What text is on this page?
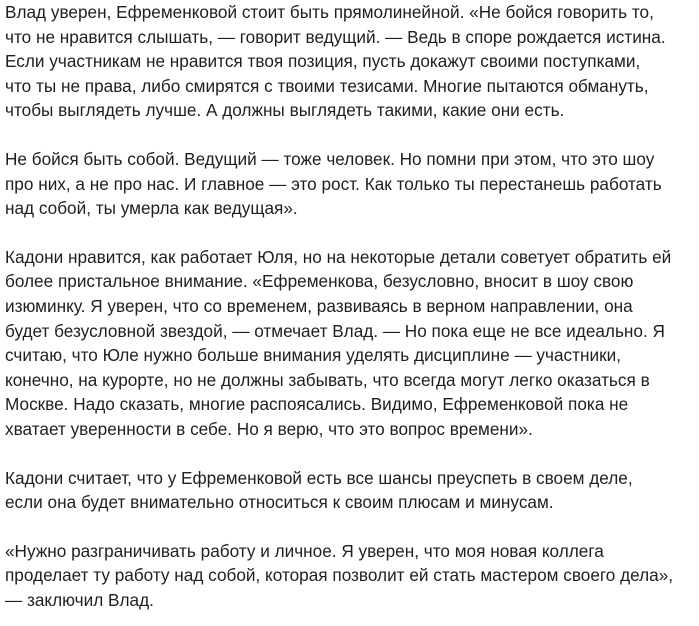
Влад уверен, Ефременковой стоит быть прямолинейной. «Не бойся говорить то,
что не нравится слышать, — говорит ведущий. — Ведь в споре рождается истина.
Если участникам не нравится твоя позиция, пусть докажут своими поступками,
что ты не права, либо смирятся с твоими тезисами. Многие пытаются обмануть,
чтобы выглядеть лучше. А должны выглядеть такими, какие они есть.

Не бойся быть собой. Ведущий — тоже человек. Но помни при этом, что это шоу
про них, а не про нас. И главное — это рост. Как только ты перестанешь работать
над собой, ты умерла как ведущая».

Кадони нравится, как работает Юля, но на некоторые детали советует обратить ей
более пристальное внимание. «Ефременкова, безусловно, вносит в шоу свою
изюминку. Я уверен, что со временем, развиваясь в верном направлении, она
будет безусловной звездой, — отмечает Влад. — Но пока еще не все идеально. Я
считаю, что Юле нужно больше внимания уделять дисциплине — участники,
конечно, на курорте, но не должны забывать, что всегда могут легко оказаться в
Москве. Надо сказать, многие распоясались. Видимо, Ефременковой пока не
хватает уверенности в себе. Но я верю, что это вопрос времени».

Кадони считает, что у Ефременковой есть все шансы преуспеть в своем деле,
если она будет внимательно относиться к своим плюсам и минусам.

«Нужно разграничивать работу и личное. Я уверен, что моя новая коллега
проделает ту работу над собой, которая позволит ей стать мастером своего дела»,
— заключил Влад.
